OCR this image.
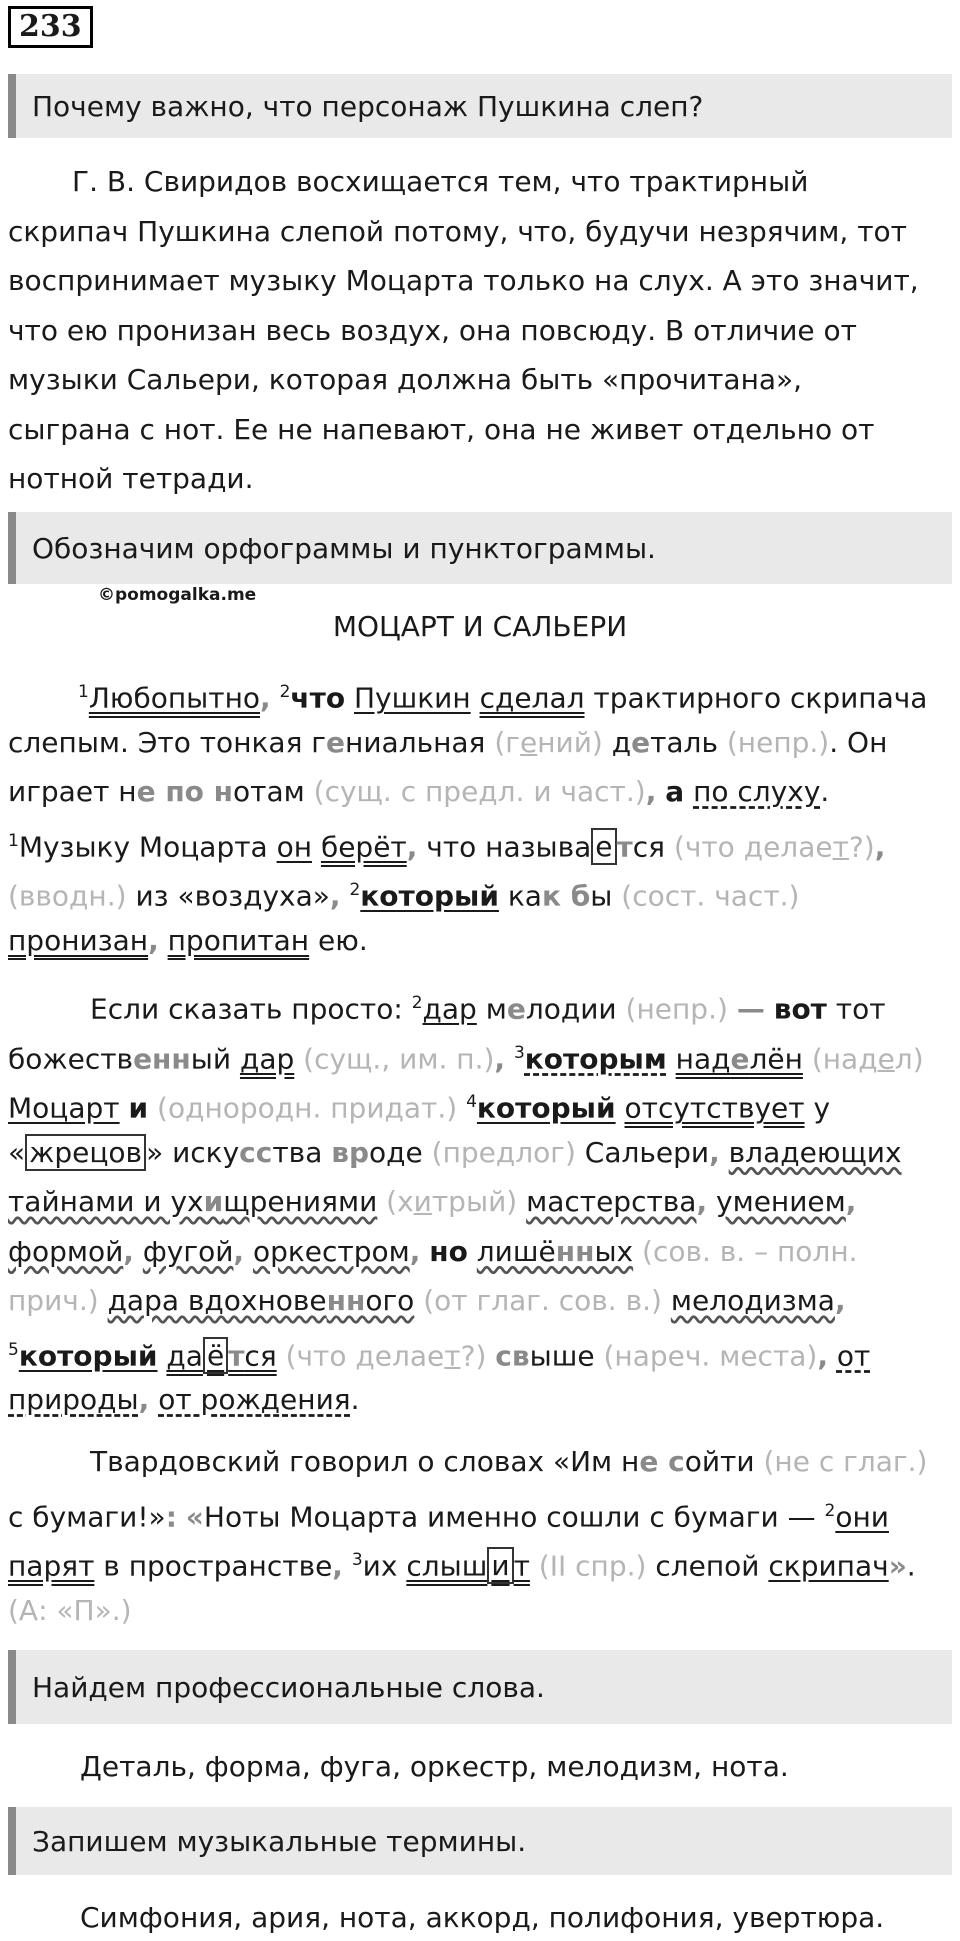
233
Почему важно, что персонаж Пушкина слеп?
Г. В. Свиридов восхищается тем, что трактирный
скрипач Пушкина слепой потому, что, будучи незрячим, тот
воспринимает музыку Моцарта только на слух. А это значит,
что ею пронизан весь воздух, она повсюду. В отличие от
музыки Сальери, которая должна быть «прочитана»,
сыграна с нот. Ее не напевают, она не живет отдельно от
нотной тетради.
Обозначим орфограммы и пунктограммы.
©pomogalka.me
МОЦАРТ И САЛЬЕРИ
$^1$Любопытно, $^2$что Пушкин сделал трактирного скрипача
слепым. Это тонкая гениальная (гений) деталь (непр.). Он
играет не по нотам (сущ. с предл. и част.), а по слуху.
$^1$Музыку Моцарта он берёт, что называ е тся (что делает?),
(вводн.) из «воздуха», $^2$который как бы (сост. част.)
пронизан, пропитан ею.
Если сказать просто: $^2$дар мелодии (непр.) — вот тот
божественный дар (сущ., им. п.), $^3$которым наделён (надел)
Моцарт и (однородн. придат.) $^4$который отсутствует у
« жрецов » искусства вроде (предлог) Сальери, владеющих
тайнами и ухищрениями (хитрый) мастерства, умением,
формой, фугой, оркестром, но лишённых (сов. в. – полн.
прич.) дара вдохновенного (от глаг. сов. в.) мелодизма,
$^5$который да ё тся (что делает?) свыше (нареч. места), от
природы, от рождения.
Твардовский говорил о словах «Им не сойти (не с глаг.)
с бумаги!»: «Ноты Моцарта именно сошли с бумаги — $^2$они
парят в пространстве, $^3$их слыш и т (II спр.) слепой скрипач».
(А: «П».)
Найдем профессиональные слова.
Деталь, форма, фуга, оркестр, мелодизм, нота.
Запишем музыкальные термины.
Симфония, ария, нота, аккорд, полифония, увертюра.
